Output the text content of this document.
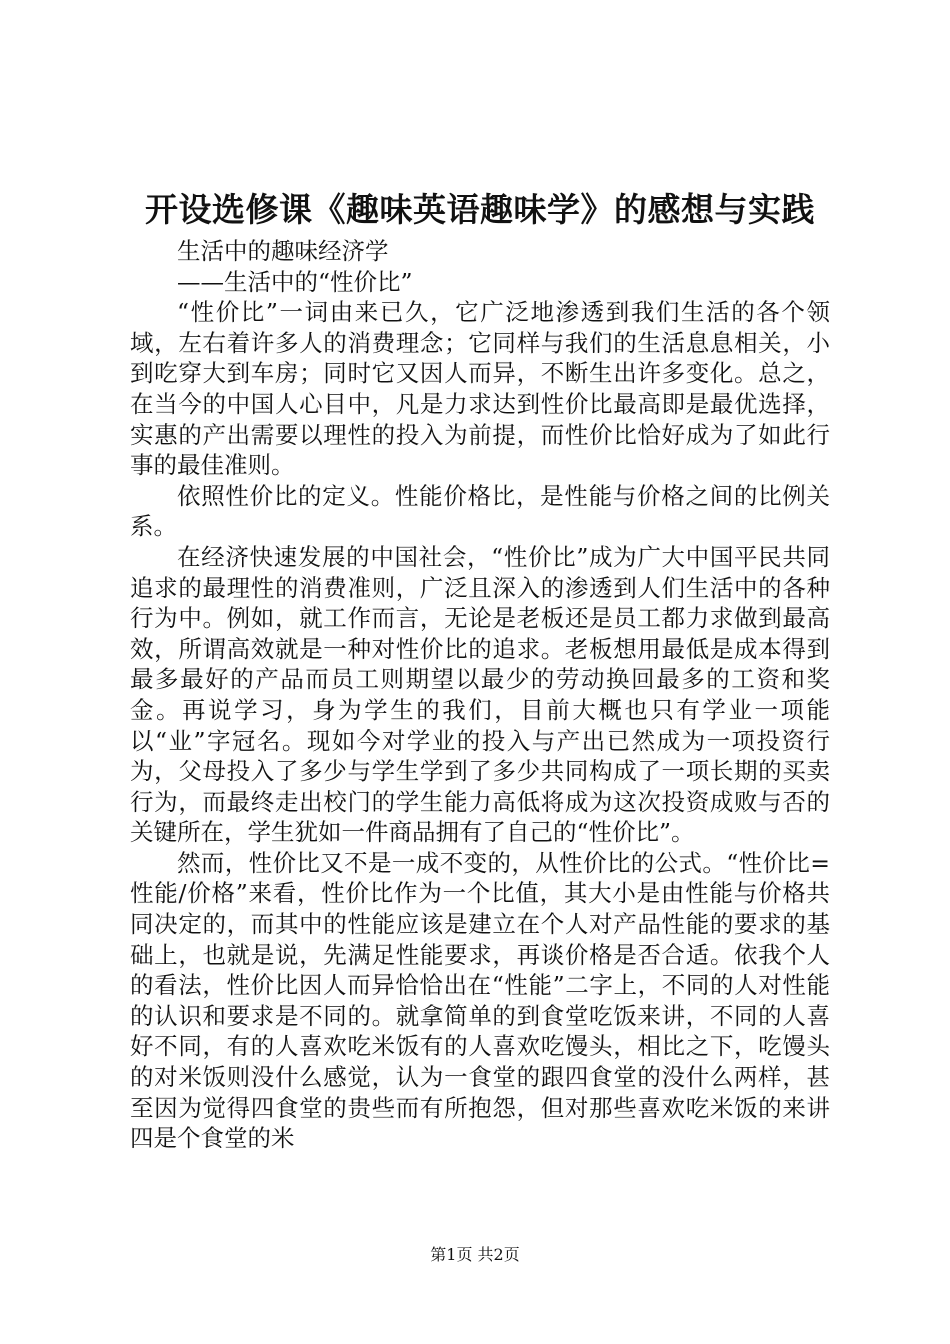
开设选修课《趣味英语趣味学》的感想与实践

生活中的趣味经济学

——生活中的“性价比”

“性价比”一词由来已久，它广泛地渗透到我们生活的各个领域，左右着许多人的消费理念；它同样与我们的生活息息相关，小到吃穿大到车房；同时它又因人而异，不断生出许多变化。总之，在当今的中国人心目中，凡是力求达到性价比最高即是最优选择，实惠的产出需要以理性的投入为前提，而性价比恰好成为了如此行事的最佳准则。

依照性价比的定义。性能价格比，是性能与价格之间的比例关系。

在经济快速发展的中国社会，“性价比”成为广大中国平民共同追求的最理性的消费准则，广泛且深入的渗透到人们生活中的各种行为中。例如，就工作而言，无论是老板还是员工都力求做到最高效，所谓高效就是一种对性价比的追求。老板想用最低是成本得到最多最好的产品而员工则期望以最少的劳动换回最多的工资和奖金。再说学习，身为学生的我们，目前大概也只有学业一项能以“业”字冠名。现如今对学业的投入与产出已然成为一项投资行为，父母投入了多少与学生学到了多少共同构成了一项长期的买卖行为，而最终走出校门的学生能力高低将成为这次投资成败与否的关键所在，学生犹如一件商品拥有了自己的“性价比”。

然而，性价比又不是一成不变的，从性价比的公式。“性价比=性能/价格”来看，性价比作为一个比值，其大小是由性能与价格共同决定的，而其中的性能应该是建立在个人对产品性能的要求的基础上，也就是说，先满足性能要求，再谈价格是否合适。依我个人的看法，性价比因人而异恰恰出在“性能”二字上，不同的人对性能的认识和要求是不同的。就拿简单的到食堂吃饭来讲，不同的人喜好不同，有的人喜欢吃米饭有的人喜欢吃馒头，相比之下，吃馒头的对米饭则没什么感觉，认为一食堂的跟四食堂的没什么两样，甚至因为觉得四食堂的贵些而有所抱怨，但对那些喜欢吃米饭的来讲四是个食堂的米

第1页 共2页
